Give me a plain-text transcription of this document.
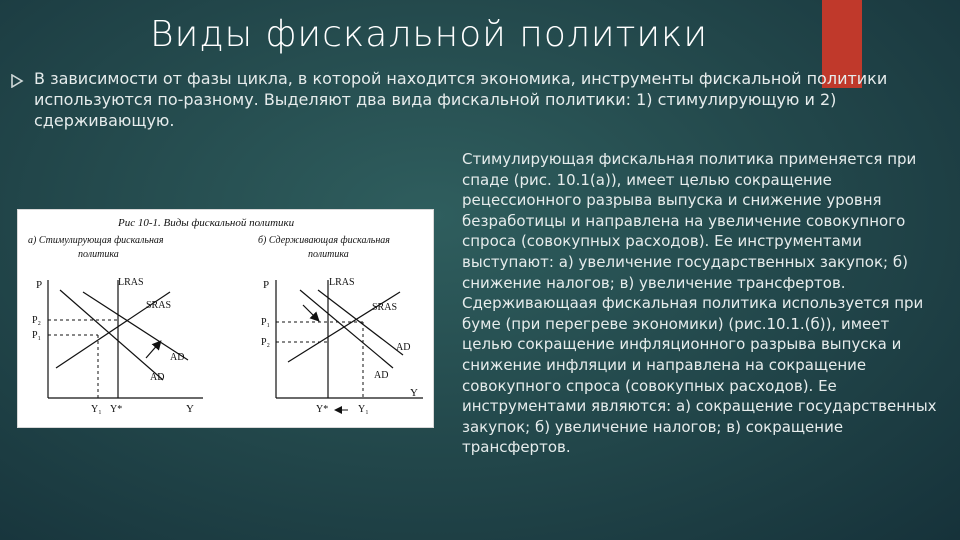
Виды фискальной политики
В зависимости от фазы цикла, в которой находится экономика, инструменты фискальной политики используются по-разному. Выделяют два вида фискальной политики: 1) стимулирующую и 2) сдерживающую.
Рис 10-1. Виды фискальной политики
а) Стимулирующая фискальная
политика
P
Y
LRAS
SRAS
AD
AD
P₂
P₁
Y₁ Y*
б) Сдерживающая фискальная
политика
P
Y
LRAS
SRAS
AD
AD
P₁
P₂
Y*	Y₁
Стимулирующая фискальная политика применяется при спаде (рис. 10.1(а)), имеет целью сокращение рецессионного разрыва выпуска и снижение уровня безработицы и направлена на увеличение совокупного спроса (совокупных расходов). Ее инструментами выступают: а) увеличение государственных закупок; б) снижение налогов; в) увеличение трансфертов. Сдерживающаая фискальная политика используется при буме (при перегреве экономики) (рис.10.1.(б)), имеет целью сокращение инфляционного разрыва выпуска и снижение инфляции и направлена на сокращение совокупного спроса (совокупных расходов). Ее инструментами являются: а) сокращение государственных закупок; б) увеличение налогов; в) сокращение трансфертов.
